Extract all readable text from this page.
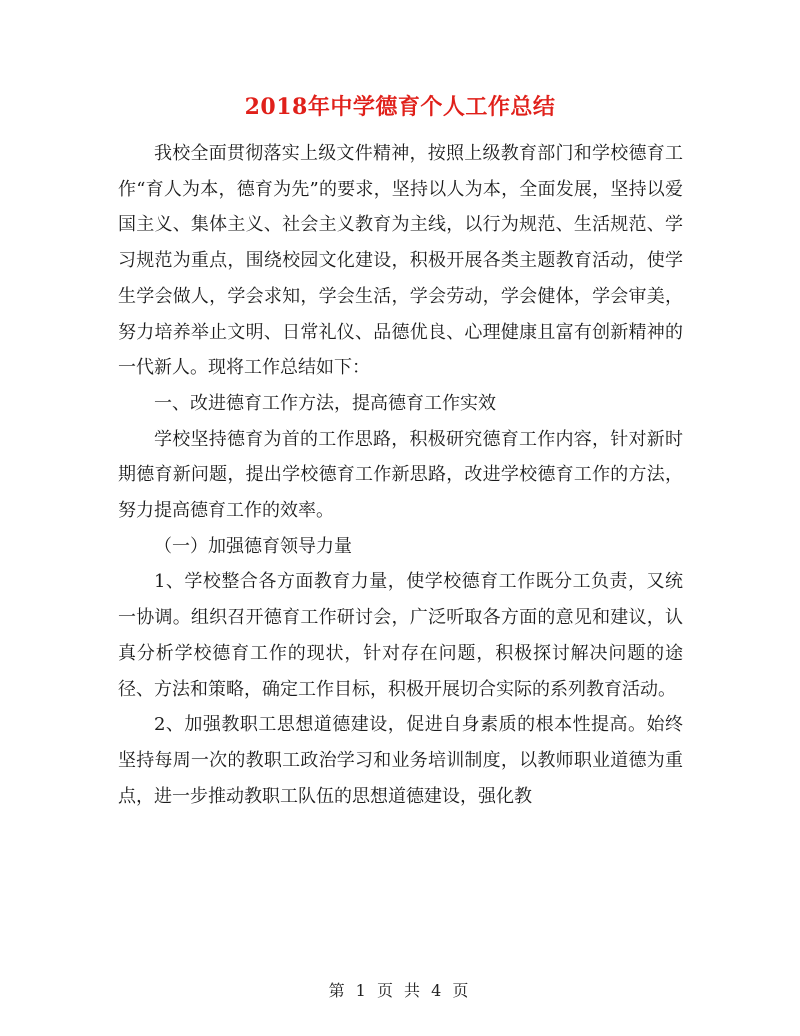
2018年中学德育个人工作总结

我校全面贯彻落实上级文件精神，按照上级教育部门和学校德育工作“育人为本，德育为先”的要求，坚持以人为本，全面发展，坚持以爱国主义、集体主义、社会主义教育为主线，以行为规范、生活规范、学习规范为重点，围绕校园文化建设，积极开展各类主题教育活动，使学生学会做人，学会求知，学会生活，学会劳动，学会健体，学会审美，努力培养举止文明、日常礼仪、品德优良、心理健康且富有创新精神的一代新人。现将工作总结如下：

一、改进德育工作方法，提高德育工作实效

学校坚持德育为首的工作思路，积极研究德育工作内容，针对新时期德育新问题，提出学校德育工作新思路，改进学校德育工作的方法，努力提高德育工作的效率。

（一）加强德育领导力量

1、学校整合各方面教育力量，使学校德育工作既分工负责，又统一协调。组织召开德育工作研讨会，广泛听取各方面的意见和建议，认真分析学校德育工作的现状，针对存在问题，积极探讨解决问题的途径、方法和策略，确定工作目标，积极开展切合实际的系列教育活动。

2、加强教职工思想道德建设，促进自身素质的根本性提高。始终坚持每周一次的教职工政治学习和业务培训制度，以教师职业道德为重点，进一步推动教职工队伍的思想道德建设，强化教

第 1 页 共 4 页
